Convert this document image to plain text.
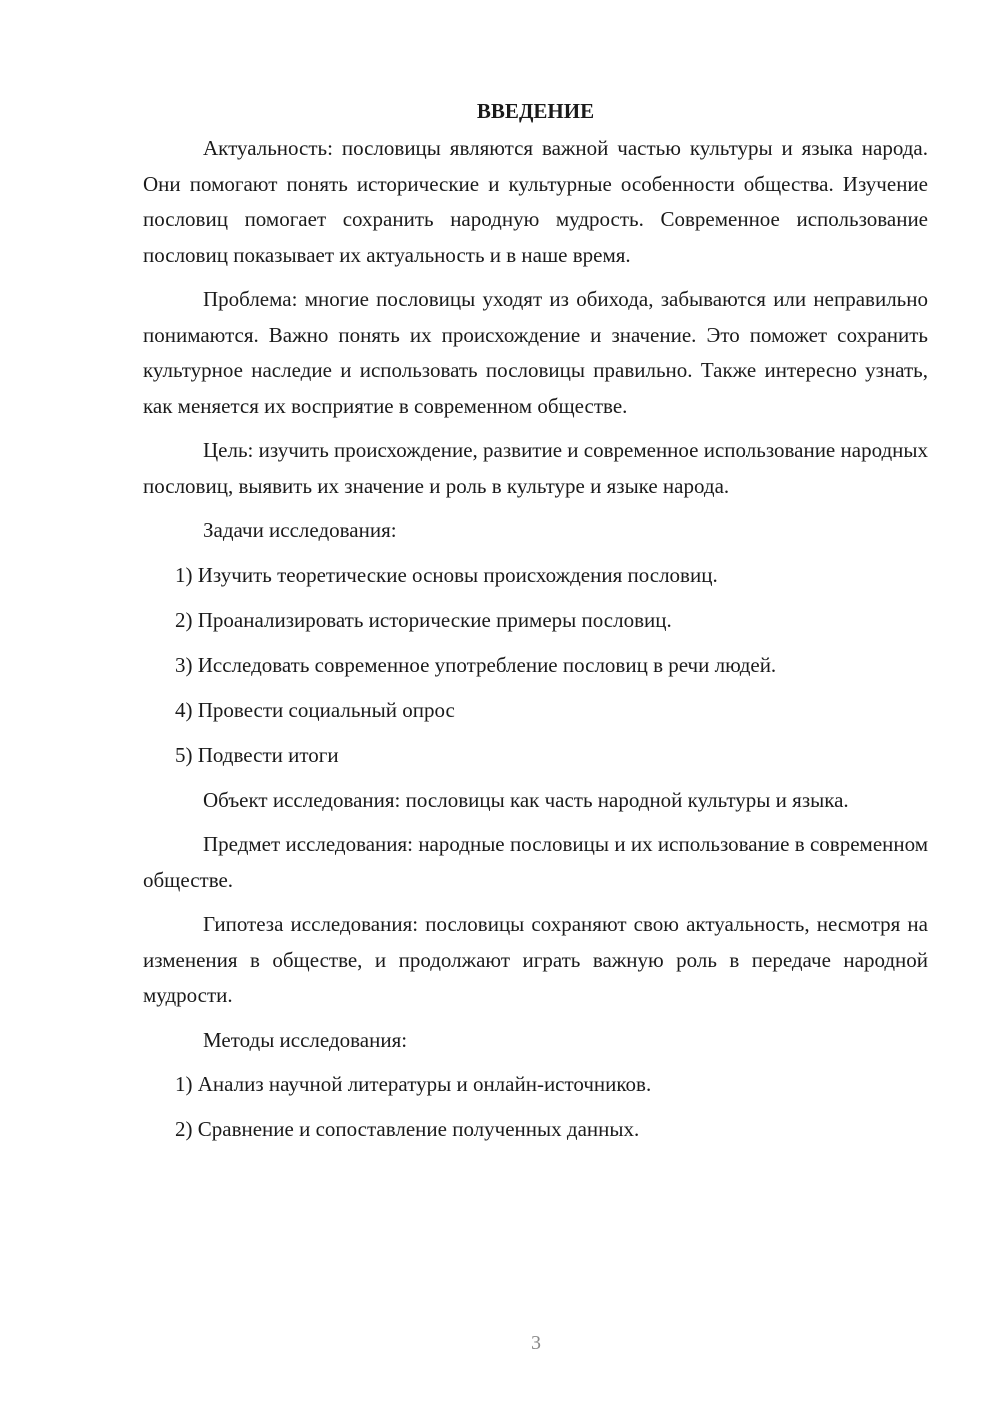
ВВЕДЕНИЕ

Актуальность: пословицы являются важной частью культуры и языка народа. Они помогают понять исторические и культурные особенности общества. Изучение пословиц помогает сохранить народную мудрость. Современное использование пословиц показывает их актуальность и в наше время.

Проблема: многие пословицы уходят из обихода, забываются или неправильно понимаются. Важно понять их происхождение и значение. Это поможет сохранить культурное наследие и использовать пословицы правильно. Также интересно узнать, как меняется их восприятие в современном обществе.

Цель: изучить происхождение, развитие и современное использование народных пословиц, выявить их значение и роль в культуре и языке народа.

Задачи исследования:

1) Изучить теоретические основы происхождения пословиц.

2) Проанализировать исторические примеры пословиц.

3) Исследовать современное употребление пословиц в речи людей.

4) Провести социальный опрос

5) Подвести итоги

Объект исследования: пословицы как часть народной культуры и языка.

Предмет исследования: народные пословицы и их использование в современном обществе.

Гипотеза исследования: пословицы сохраняют свою актуальность, несмотря на изменения в обществе, и продолжают играть важную роль в передаче народной мудрости.

Методы исследования:

1) Анализ научной литературы и онлайн-источников.

2) Сравнение и сопоставление полученных данных.

3
